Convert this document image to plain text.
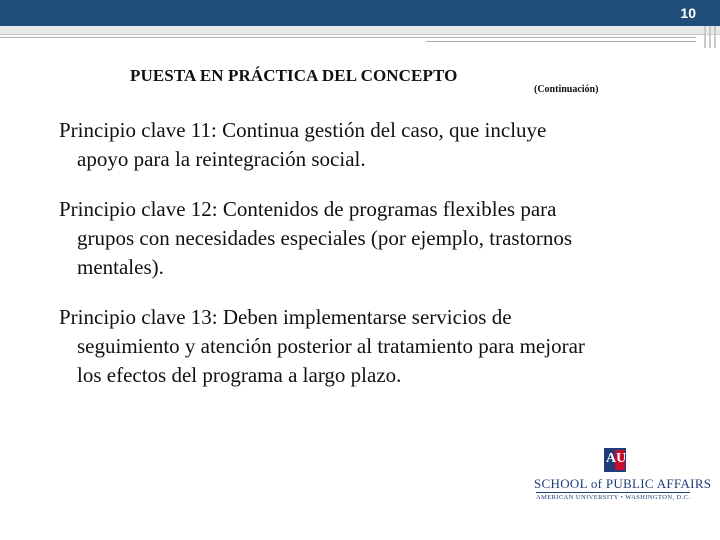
10
PUESTA EN PRÁCTICA DEL CONCEPTO
(Continuación)
Principio clave 11: Continua gestión del caso, que incluye
apoyo para la reintegración social.
Principio clave 12: Contenidos de programas flexibles para
grupos con necesidades especiales (por ejemplo, trastornos
mentales).
Principio clave 13: Deben implementarse servicios de
seguimiento y atención posterior al tratamiento para mejorar
los efectos del programa a largo plazo.
AU
SCHOOL of PUBLIC AFFAIRS
AMERICAN UNIVERSITY • WASHINGTON, D.C.
